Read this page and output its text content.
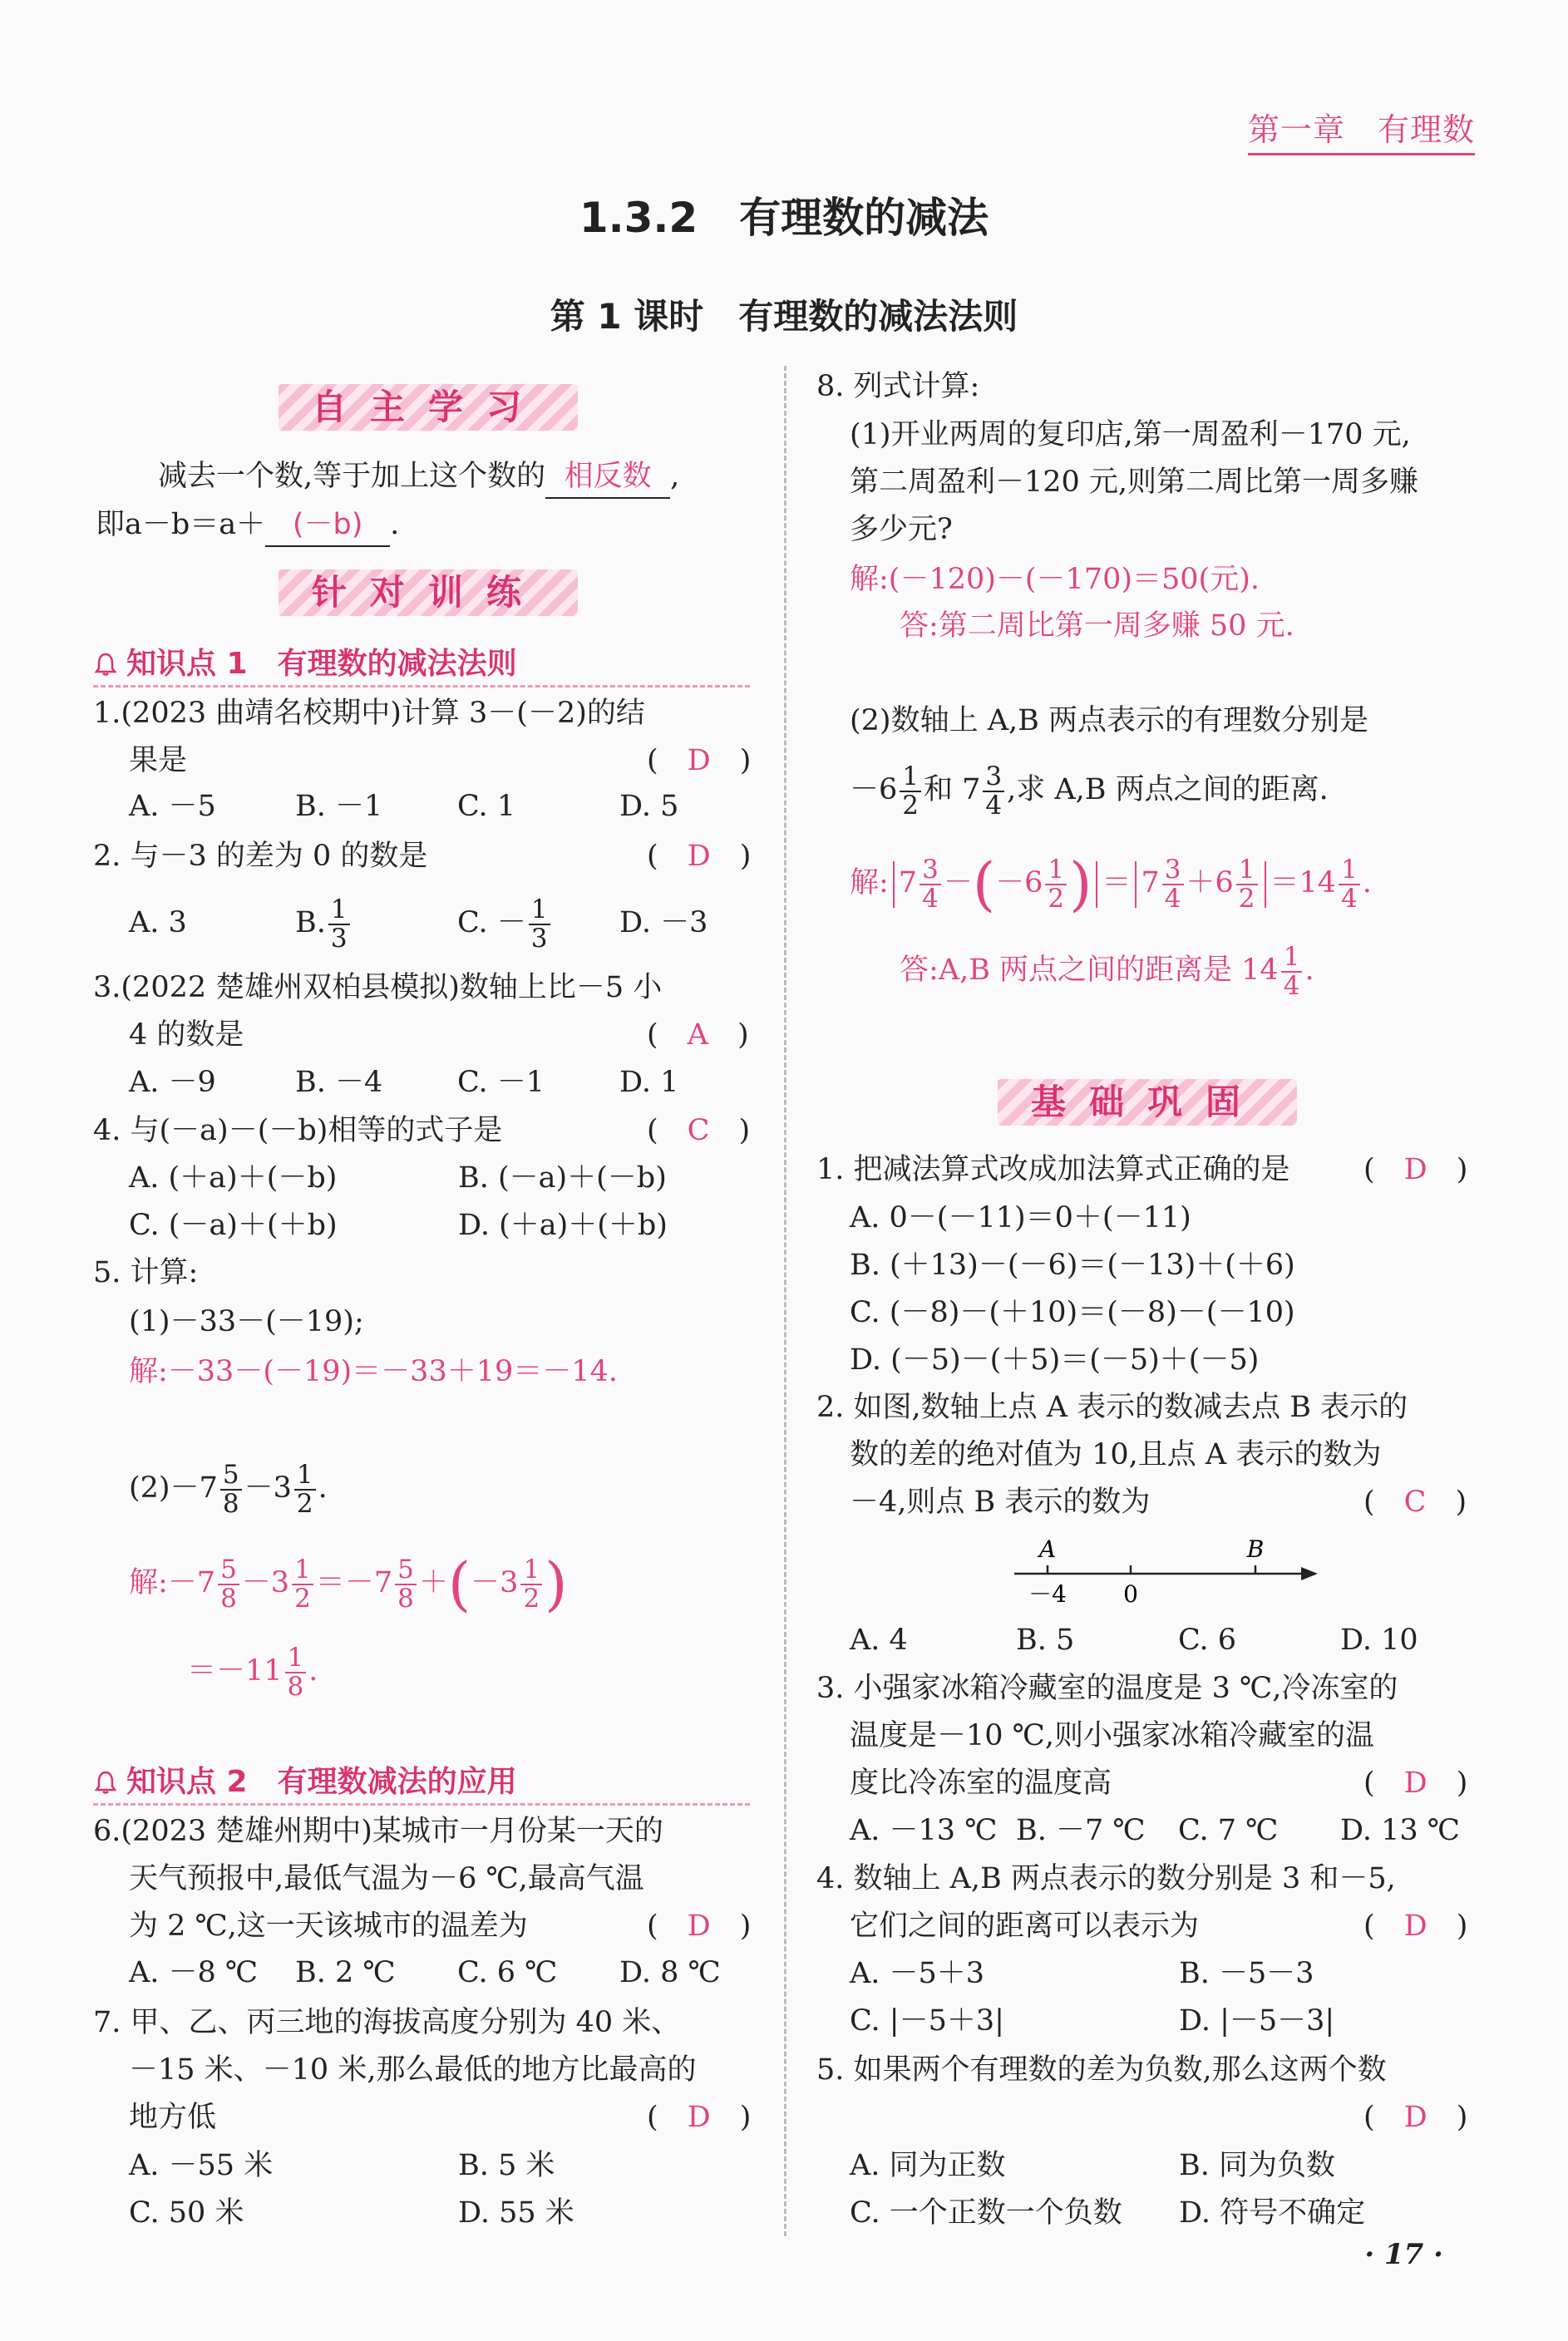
第一章　有理数
1.3.2　有理数的减法
第 1 课时　有理数的减法法则
自主学习
减去一个数,等于加上这个数的 相反数 ,
即a－b＝a＋ (－b) .
针对训练
知识点 1　有理数的减法法则
1.(2023 曲靖名校期中)计算 3－(－2)的结
果是	(　D　)
A. －5	B. －1	C. 1	D. 5
2. 与－3 的差为 0 的数是	(　D　)
A. 3	B. $\frac{1}{3}$	C. － $\frac{1}{3} D$. －3
3.(2022 楚雄州双柏县模拟)数轴上比－5 小
4 的数是	(　A　)
A. －9	B. －4	C. －1	D. 1
4. 与(－a)－(－b)相等的式子是	(　C　)
A. (＋a)＋(－b)	B. (－a)＋(－b)
C. (－a)＋(＋b)	D. (＋a)＋(＋b)
5. 计算:
(1)－33－(－19);
解:－33－(－19)＝－33＋19＝－14.
$(2)-7 \frac{5}{8} -3 \frac{1}{2}$ .
解:－7 $\frac{5}{8} -3 \frac{1}{2} =-7 \frac{5}{8} +(-3 \frac{1}{2}$ )
$=-11 \frac{1}{8}$ .
知识点 2　有理数减法的应用
6.(2023 楚雄州期中)某城市一月份某一天的
天气预报中,最低气温为－6 ℃,最高气温
为 2 ℃,这一天该城市的温差为	(　D　)
A. －8 ℃ B. 2 ℃ C. 6 ℃ D. 8 ℃
7. 甲、乙、丙三地的海拔高度分别为 40 米、
－15 米、－10 米,那么最低的地方比最高的
地方低	(　D　)
A. －55 米	B. 5 米
C. 50 米	D. 55 米
8. 列式计算:
(1)开业两周的复印店,第一周盈利－170 元,
第二周盈利－120 元,则第二周比第一周多赚
多少元?
解:(－120)－(－170)＝50(元).
答:第二周比第一周多赚 50 元.
(2)数轴上 A,B 两点表示的有理数分别是
$-6 \frac{1}{2}$ 和 $7 \frac{3}{4}$ ,求 A,B 两点之间的距离.
解: $7 \frac{3}{4} -(-6 \frac{1}{2}$ ) ＝ $7 \frac{3}{4} +6 \frac{1}{2} =14 \frac{1}{4}$ .
答:A,B 两点之间的距离是 $14 \frac{1}{4}$ .
基础巩固
1. 把减法算式改成加法算式正确的是	(　D　)
A. 0－(－11)＝0＋(－11)
B. (＋13)－(－6)＝(－13)＋(＋6)
C. (－8)－(＋10)＝(－8)－(－10)
D. (－5)－(＋5)＝(－5)＋(－5)
2. 如图,数轴上点 A 表示的数减去点 B 表示的
数的差的绝对值为 10,且点 A 表示的数为
－4,则点 B 表示的数为	(　C　)
A	B
－4 0
A. 4	B. 5	C. 6	D. 10
3. 小强家冰箱冷藏室的温度是 3 ℃,冷冻室的
温度是－10 ℃,则小强家冰箱冷藏室的温
度比冷冻室的温度高	(　D　)
A. －13 ℃ B. －7 ℃ C. 7 ℃ D. 13 ℃
4. 数轴上 A,B 两点表示的数分别是 3 和－5,
它们之间的距离可以表示为	(　D　)
A. －5＋3	B. －5－3
C. |－5＋3|	D. |－5－3|
5. 如果两个有理数的差为负数,那么这两个数
(　D　)
A. 同为正数	B. 同为负数
C. 一个正数一个负数 D. 符号不确定
· 17 ·
